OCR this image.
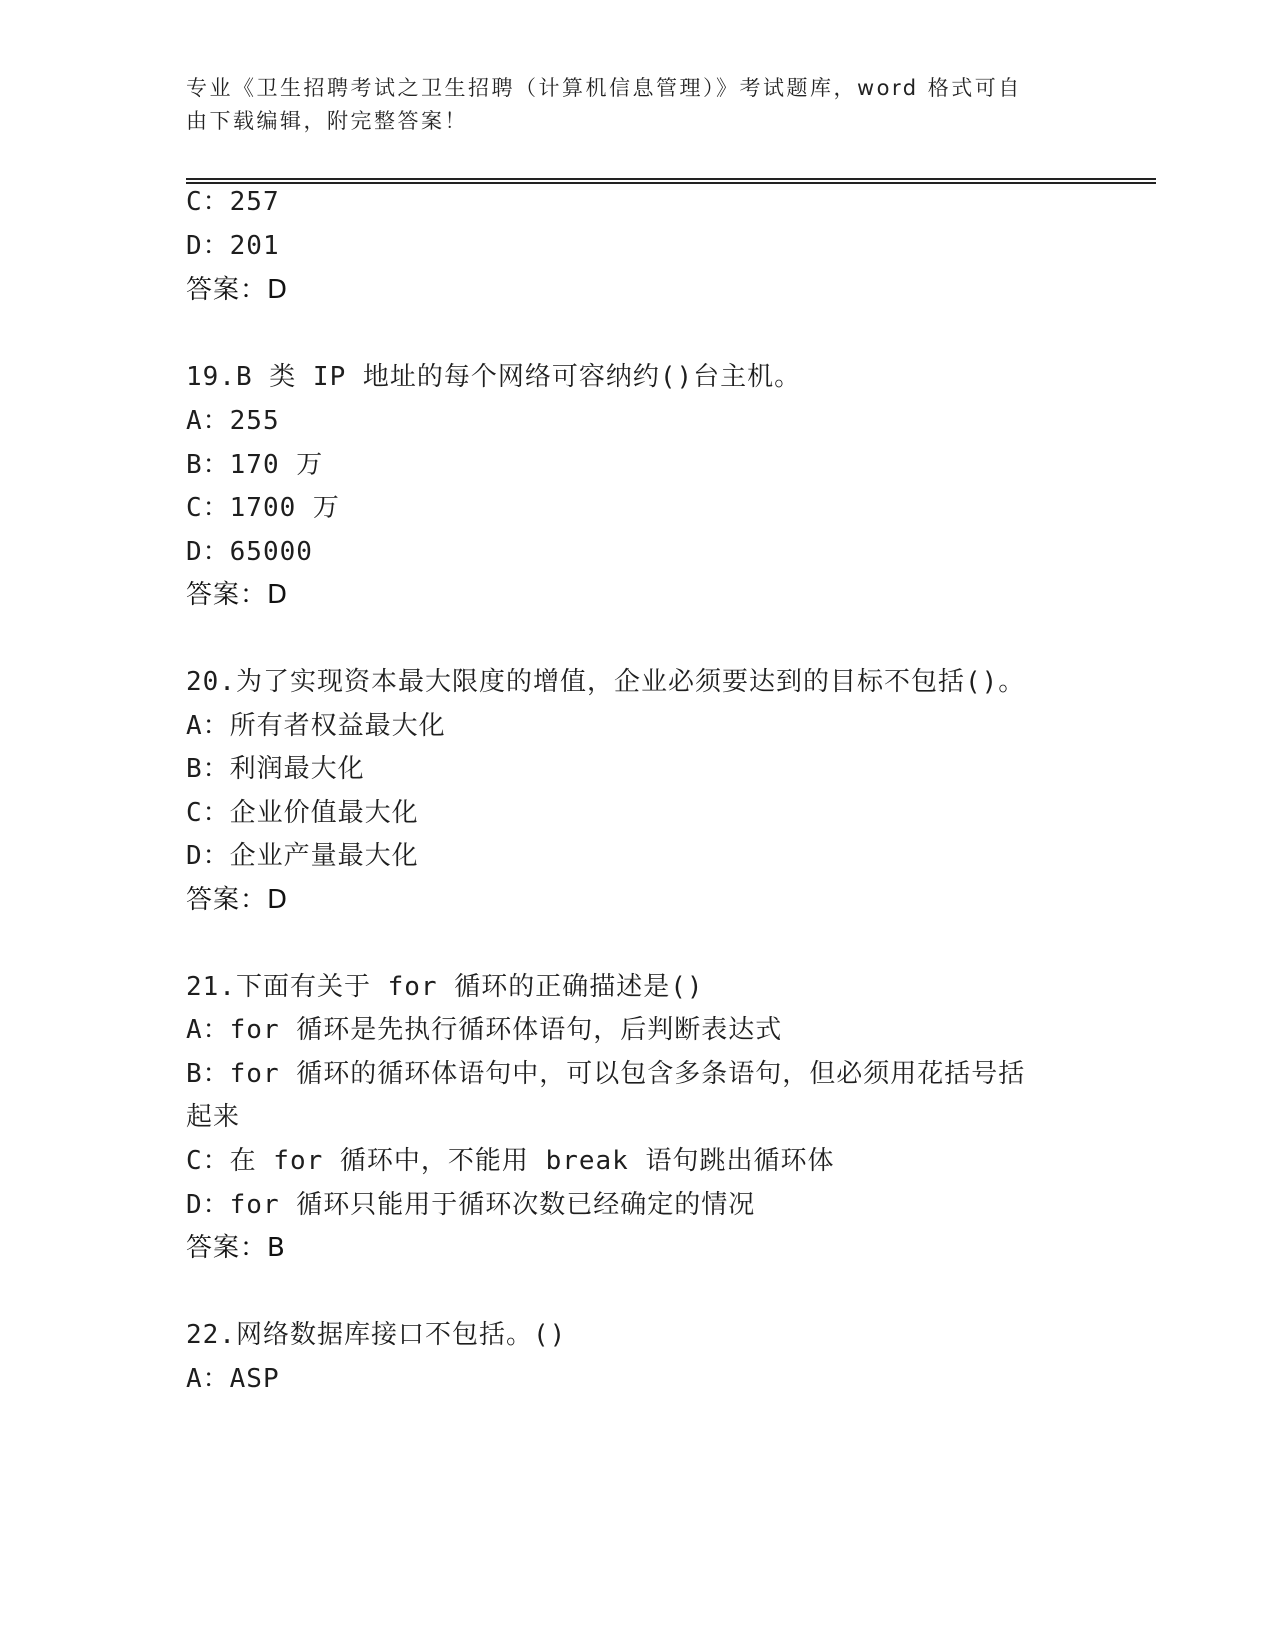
专业《卫生招聘考试之卫生招聘（计算机信息管理）》考试题库，word 格式可自
由下载编辑，附完整答案！
C：257
D：201
答案：D
19.B 类 IP 地址的每个网络可容纳约()台主机。
A：255
B：170 万
C：1700 万
D：65000
答案：D
20.为了实现资本最大限度的增值，企业必须要达到的目标不包括()。
A：所有者权益最大化
B：利润最大化
C：企业价值最大化
D：企业产量最大化
答案：D
21.下面有关于 for 循环的正确描述是()
A：for 循环是先执行循环体语句，后判断表达式
B：for 循环的循环体语句中，可以包含多条语句，但必须用花括号括
起来
C：在 for 循环中，不能用 break 语句跳出循环体
D：for 循环只能用于循环次数已经确定的情况
答案：B
22.网络数据库接口不包括。()
A：ASP
